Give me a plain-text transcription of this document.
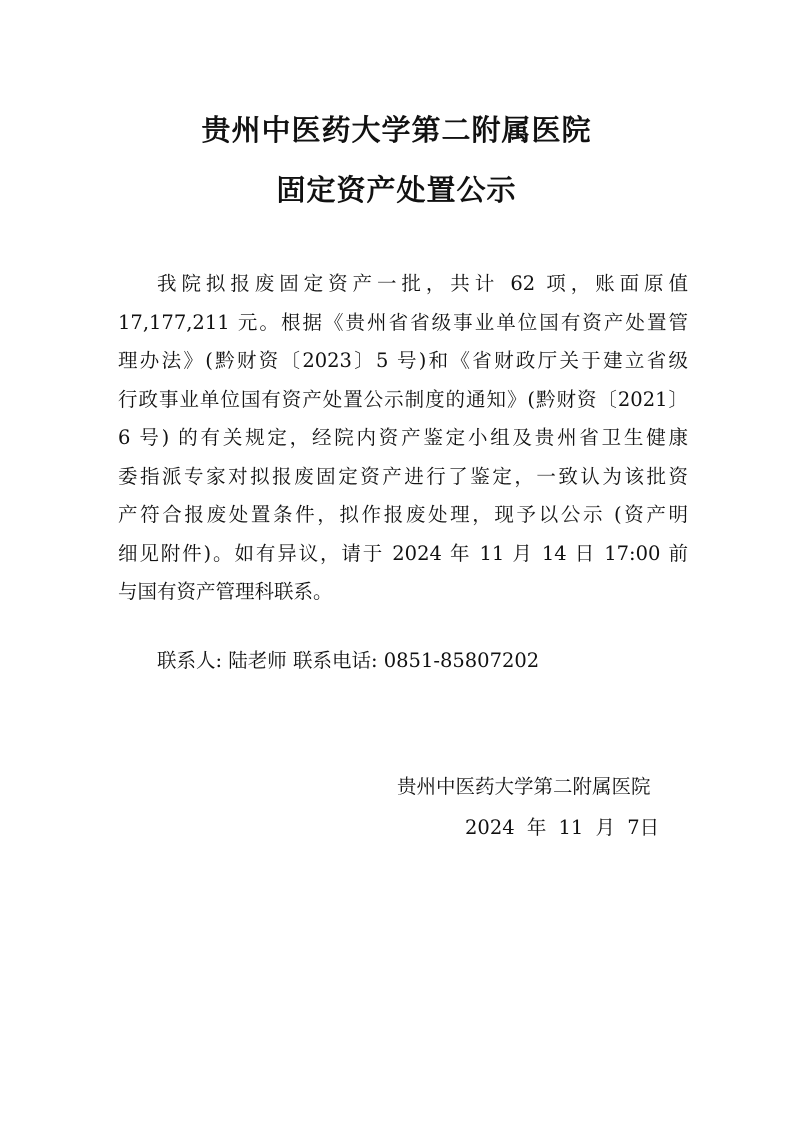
贵州中医药大学第二附属医院
固定资产处置公示
我院拟报废固定资产一批，共计 62 项，账面原值
17,177,211 元。根据《贵州省省级事业单位国有资产处置管
理办法》(黔财资〔2023〕5 号)和《省财政厅关于建立省级
行政事业单位国有资产处置公示制度的通知》(黔财资〔2021〕
6 号) 的有关规定，经院内资产鉴定小组及贵州省卫生健康
委指派专家对拟报废固定资产进行了鉴定，一致认为该批资
产符合报废处置条件，拟作报废处理，现予以公示 (资产明
细见附件)。如有异议，请于 2024 年 11 月 14 日 17:00 前
与国有资产管理科联系。
联系人: 陆老师 联系电话: 0851-85807202
贵州中医药大学第二附属医院
2024 年 11 月 7日
